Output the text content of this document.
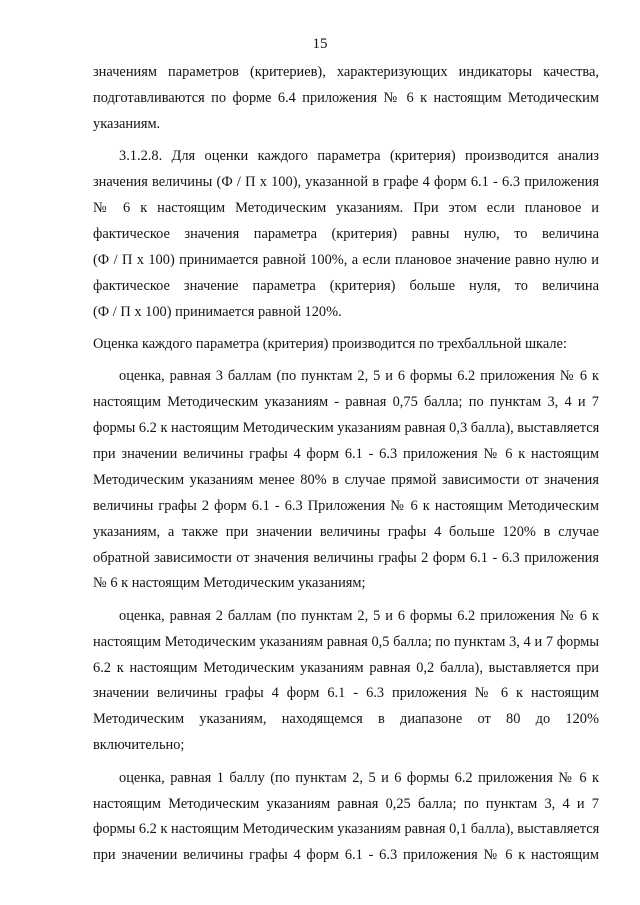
15
значениям параметров (критериев), характеризующих индикаторы качества,
подготавливаются по форме 6.4 приложения № 6 к настоящим Методическим
указаниям.
3.1.2.8. Для оценки каждого параметра (критерия) производится анализ
значения величины (Ф / П х 100), указанной в графе 4 форм 6.1 - 6.3 приложения
№ 6 к настоящим Методическим указаниям. При этом если плановое и
фактическое значения параметра (критерия) равны нулю, то величина
(Ф / П х 100) принимается равной 100%, а если плановое значение равно нулю и
фактическое значение параметра (критерия) больше нуля, то величина
(Ф / П х 100) принимается равной 120%.
Оценка каждого параметра (критерия) производится по трехбалльной шкале:
оценка, равная 3 баллам (по пунктам 2, 5 и 6 формы 6.2 приложения № 6 к
настоящим Методическим указаниям - равная 0,75 балла; по пунктам 3, 4 и 7
формы 6.2 к настоящим Методическим указаниям равная 0,3 балла), выставляется
при значении величины графы 4 форм 6.1 - 6.3 приложения № 6 к настоящим
Методическим указаниям менее 80% в случае прямой зависимости от значения
величины графы 2 форм 6.1 - 6.3 Приложения № 6 к настоящим Методическим
указаниям, а также при значении величины графы 4 больше 120% в случае
обратной зависимости от значения величины графы 2 форм 6.1 - 6.3 приложения
№ 6 к настоящим Методическим указаниям;
оценка, равная 2 баллам (по пунктам 2, 5 и 6 формы 6.2 приложения № 6 к
настоящим Методическим указаниям равная 0,5 балла; по пунктам 3, 4 и 7 формы
6.2 к настоящим Методическим указаниям равная 0,2 балла), выставляется при
значении величины графы 4 форм 6.1 - 6.3 приложения № 6 к настоящим
Методическим указаниям, находящемся в диапазоне от 80 до 120%
включительно;
оценка, равная 1 баллу (по пунктам 2, 5 и 6 формы 6.2 приложения № 6 к
настоящим Методическим указаниям равная 0,25 балла; по пунктам 3, 4 и 7
формы 6.2 к настоящим Методическим указаниям равная 0,1 балла), выставляется
при значении величины графы 4 форм 6.1 - 6.3 приложения № 6 к настоящим
